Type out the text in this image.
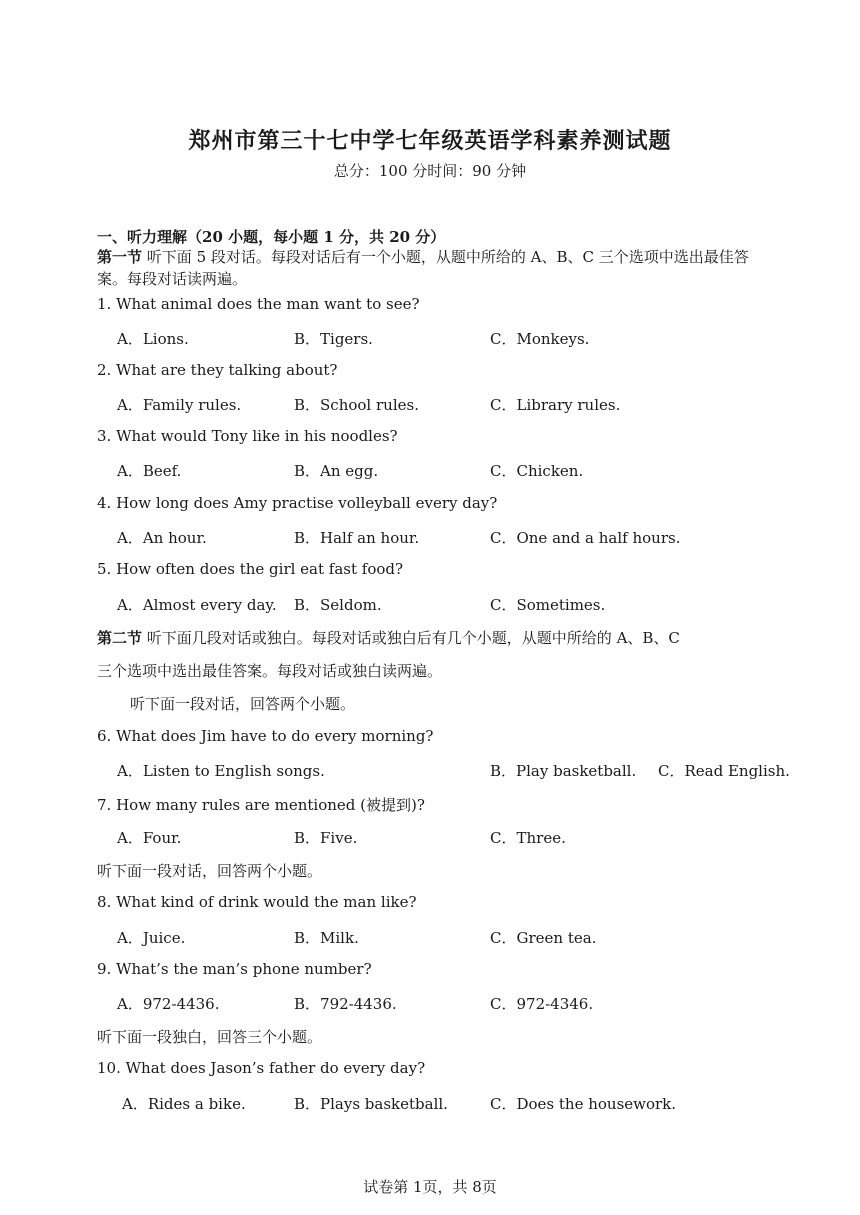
郑州市第三十七中学七年级英语学科素养测试题
总分：100 分时间：90 分钟
一、听力理解（20 小题，每小题 1 分，共 20 分）
第一节 听下面 5 段对话。每段对话后有一个小题，从题中所给的 A、B、C 三个选项中选出最佳答案。每段对话读两遍。
1. What animal does the man want to see?
A．Lions.	B．Tigers.	C．Monkeys.
2. What are they talking about?
A．Family rules.	B．School rules.	C．Library rules.
3. What would Tony like in his noodles?
A．Beef.	B．An egg.	C．Chicken.
4. How long does Amy practise volleyball every day?
A．An hour.	B．Half an hour.	C．One and a half hours.
5. How often does the girl eat fast food?
A．Almost every day. B．Seldom.	C．Sometimes.
第二节 听下面几段对话或独白。每段对话或独白后有几个小题，从题中所给的 A、B、C
三个选项中选出最佳答案。每段对话或独白读两遍。
听下面一段对话，回答两个小题。
6. What does Jim have to do every morning?
A．Listen to English songs.	B．Play basketball. C．Read English.
7. How many rules are mentioned (被提到)?
A．Four.	B．Five.	C．Three.
听下面一段对话，回答两个小题。
8. What kind of drink would the man like?
A．Juice.	B．Milk.	C．Green tea.
9. What’s the man’s phone number?
A．972-4436.	B．792-4436.	C．972-4346.
听下面一段独白，回答三个小题。
10. What does Jason’s father do every day?
A．Rides a bike.	B．Plays basketball.	C．Does the housework.
试卷第 1页，共 8页
